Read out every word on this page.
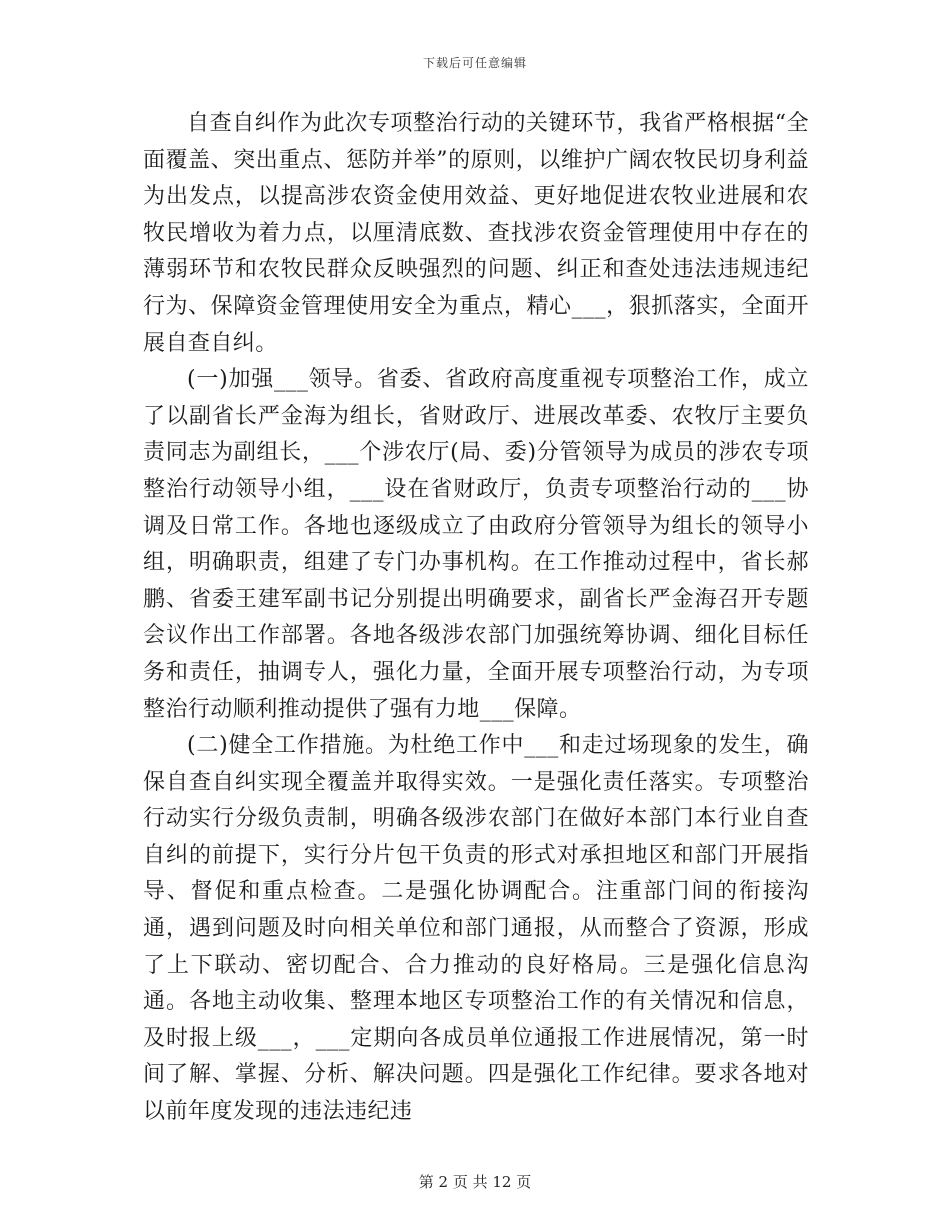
下载后可任意编辑

自查自纠作为此次专项整治行动的关键环节，我省严格根据“全面覆盖、突出重点、惩防并举”的原则，以维护广阔农牧民切身利益为出发点，以提高涉农资金使用效益、更好地促进农牧业进展和农牧民增收为着力点，以厘清底数、查找涉农资金管理使用中存在的薄弱环节和农牧民群众反映强烈的问题、纠正和查处违法违规违纪行为、保障资金管理使用安全为重点，精心___，狠抓落实，全面开展自查自纠。

(一)加强___领导。省委、省政府高度重视专项整治工作，成立了以副省长严金海为组长，省财政厅、进展改革委、农牧厅主要负责同志为副组长，___个涉农厅(局、委)分管领导为成员的涉农专项整治行动领导小组，___设在省财政厅，负责专项整治行动的___协调及日常工作。各地也逐级成立了由政府分管领导为组长的领导小组，明确职责，组建了专门办事机构。在工作推动过程中，省长郝鹏、省委王建军副书记分别提出明确要求，副省长严金海召开专题会议作出工作部署。各地各级涉农部门加强统筹协调、细化目标任务和责任，抽调专人，强化力量，全面开展专项整治行动，为专项整治行动顺利推动提供了强有力地___保障。

(二)健全工作措施。为杜绝工作中___和走过场现象的发生，确保自查自纠实现全覆盖并取得实效。一是强化责任落实。专项整治行动实行分级负责制，明确各级涉农部门在做好本部门本行业自查自纠的前提下，实行分片包干负责的形式对承担地区和部门开展指导、督促和重点检查。二是强化协调配合。注重部门间的衔接沟通，遇到问题及时向相关单位和部门通报，从而整合了资源，形成了上下联动、密切配合、合力推动的良好格局。三是强化信息沟通。各地主动收集、整理本地区专项整治工作的有关情况和信息，及时报上级___，___定期向各成员单位通报工作进展情况，第一时间了解、掌握、分析、解决问题。四是强化工作纪律。要求各地对以前年度发现的违法违纪违

第 2 页 共 12 页
